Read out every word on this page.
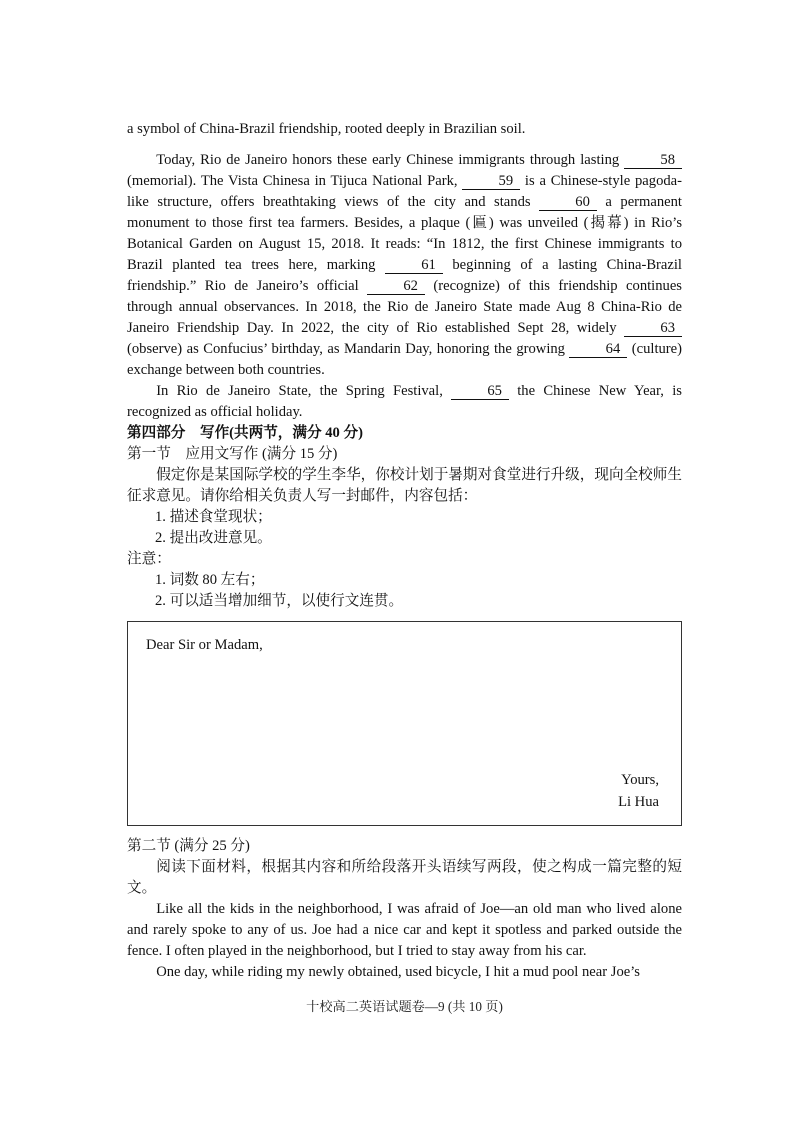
a symbol of China-Brazil friendship, rooted deeply in Brazilian soil.
Today, Rio de Janeiro honors these early Chinese immigrants through lasting 58 (memorial). The Vista Chinesa in Tijuca National Park, 59 is a Chinese-style pagoda-like structure, offers breathtaking views of the city and stands 60 a permanent monument to those first tea farmers. Besides, a plaque (匾) was unveiled (揭幕) in Rio’s Botanical Garden on August 15, 2018. It reads: “In 1812, the first Chinese immigrants to Brazil planted tea trees here, marking 61 beginning of a lasting China-Brazil friendship.” Rio de Janeiro’s official 62 (recognize) of this friendship continues through annual observances. In 2018, the Rio de Janeiro State made Aug 8 China-Rio de Janeiro Friendship Day. In 2022, the city of Rio established Sept 28, widely 63 (observe) as Confucius’ birthday, as Mandarin Day, honoring the growing 64 (culture) exchange between both countries.
In Rio de Janeiro State, the Spring Festival, 65 the Chinese New Year, is recognized as official holiday.
第四部分　写作(共两节，满分 40 分)
第一节　应用文写作 (满分 15 分)
假定你是某国际学校的学生李华，你校计划于暑期对食堂进行升级，现向全校师生征求意见。请你给相关负责人写一封邮件，内容包括：
1. 描述食堂现状；
2. 提出改进意见。
注意：
1. 词数 80 左右；
2. 可以适当增加细节，以使行文连贯。
Dear Sir or Madam,
Yours,
Li Hua
第二节 (满分 25 分)
阅读下面材料，根据其内容和所给段落开头语续写两段，使之构成一篇完整的短文。
Like all the kids in the neighborhood, I was afraid of Joe—an old man who lived alone and rarely spoke to any of us. Joe had a nice car and kept it spotless and parked outside the fence. I often played in the neighborhood, but I tried to stay away from his car.
One day, while riding my newly obtained, used bicycle, I hit a mud pool near Joe’s
十校高二英语试题卷—9 (共 10 页)
